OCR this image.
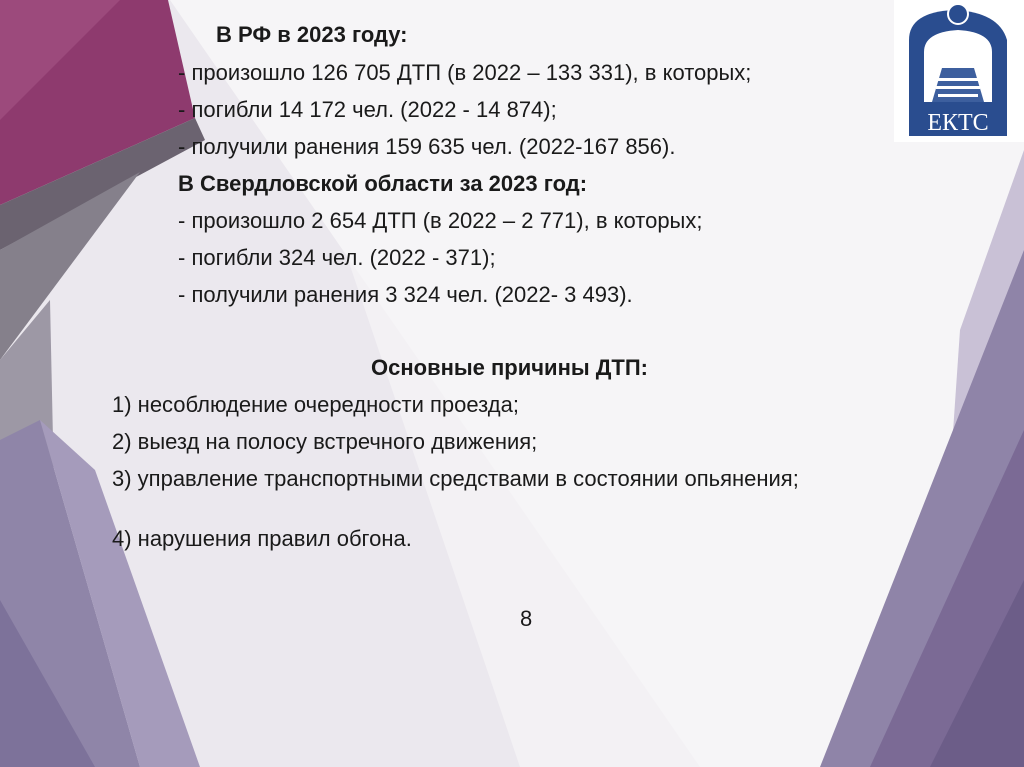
ЕКТС
В РФ в 2023 году:
- произошло 126 705 ДТП (в 2022 – 133 331), в которых;
- погибли 14 172 чел. (2022 - 14 874);
- получили ранения 159 635 чел. (2022-167 856).
В Свердловской области за 2023 год:
- произошло 2 654 ДТП (в 2022 – 2 771), в которых;
- погибли 324 чел. (2022 - 371);
- получили ранения 3 324 чел. (2022- 3 493).
Основные причины ДТП:
1) несоблюдение очередности проезда;
2) выезд на полосу встречного движения;
3) управление транспортными средствами в состоянии опьянения;
4) нарушения правил обгона.
8
